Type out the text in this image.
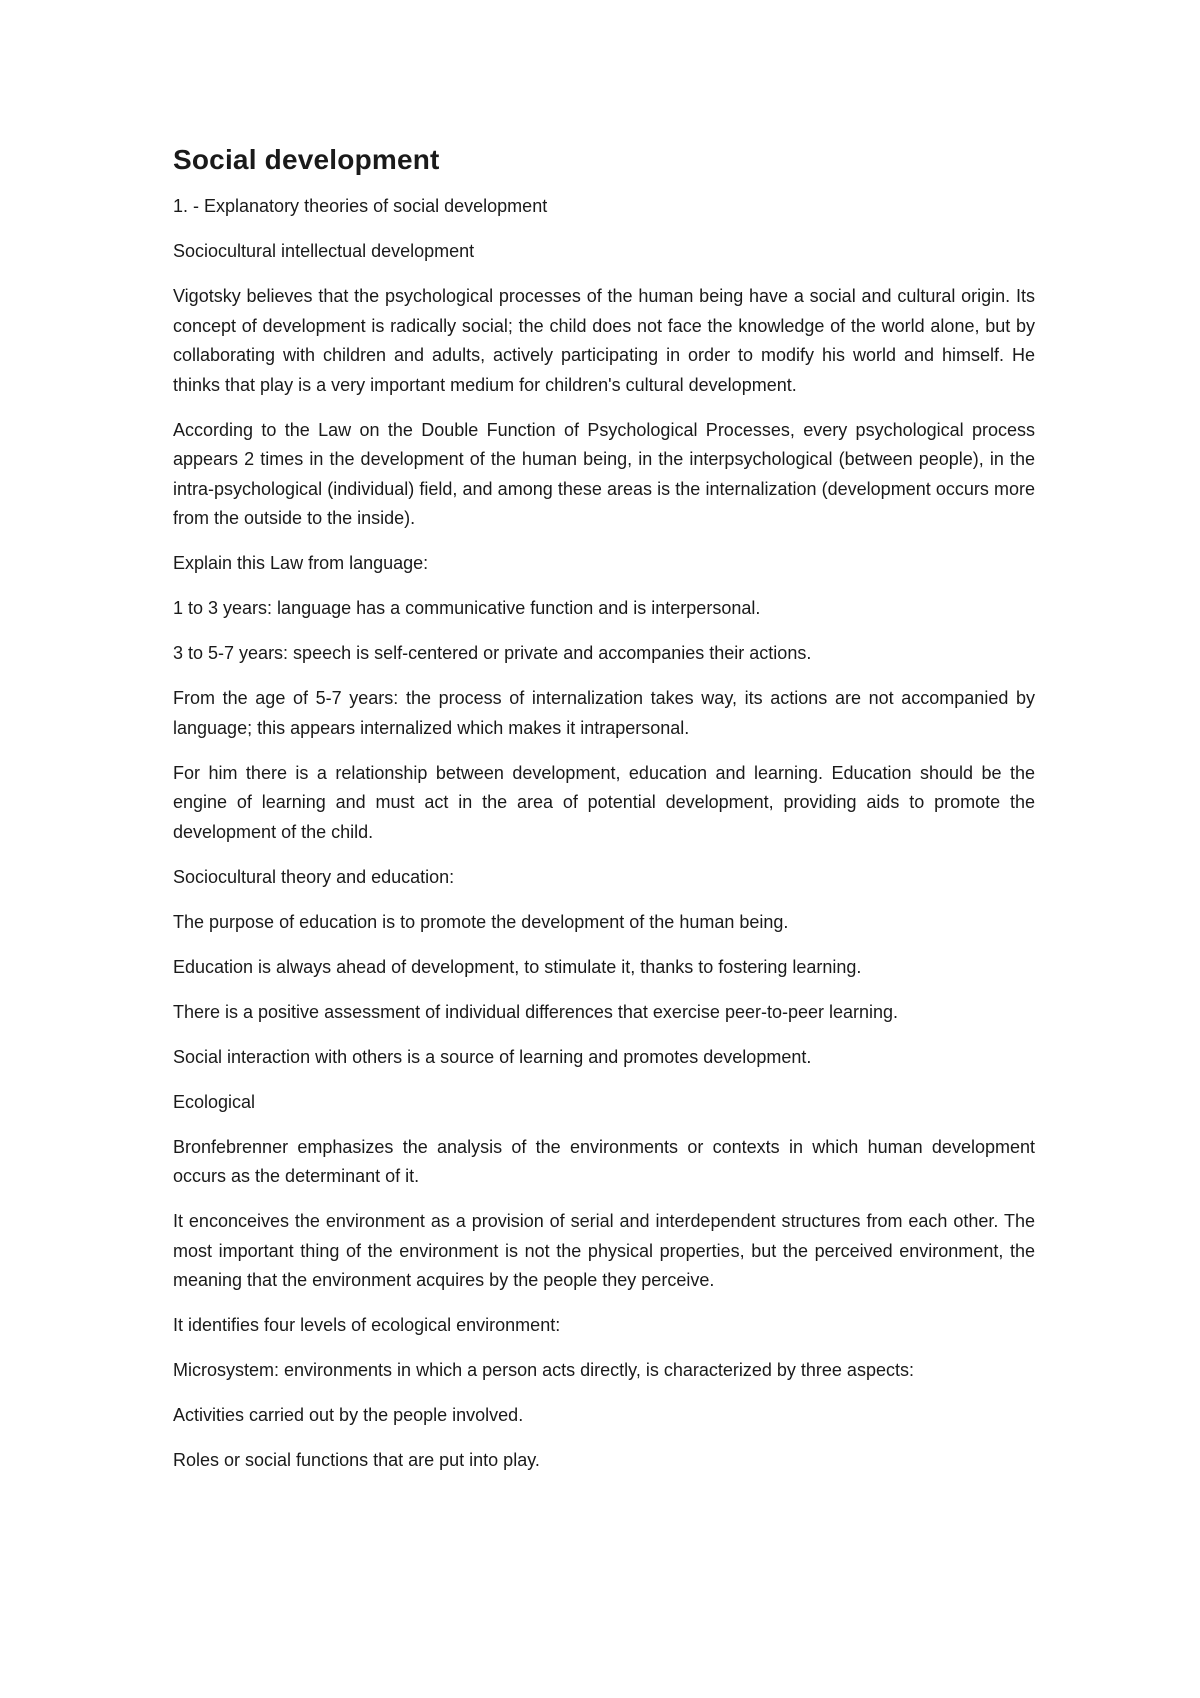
Social development

1. - Explanatory theories of social development

Sociocultural intellectual development

Vigotsky believes that the psychological processes of the human being have a social and cultural origin. Its concept of development is radically social; the child does not face the knowledge of the world alone, but by collaborating with children and adults, actively participating in order to modify his world and himself. He thinks that play is a very important medium for children's cultural development.

According to the Law on the Double Function of Psychological Processes, every psychological process appears 2 times in the development of the human being, in the interpsychological (between people), in the intra-psychological (individual) field, and among these areas is the internalization (development occurs more from the outside to the inside).

Explain this Law from language:

1 to 3 years: language has a communicative function and is interpersonal.

3 to 5-7 years: speech is self-centered or private and accompanies their actions.

From the age of 5-7 years: the process of internalization takes way, its actions are not accompanied by language; this appears internalized which makes it intrapersonal.

For him there is a relationship between development, education and learning. Education should be the engine of learning and must act in the area of potential development, providing aids to promote the development of the child.

Sociocultural theory and education:

The purpose of education is to promote the development of the human being.

Education is always ahead of development, to stimulate it, thanks to fostering learning.

There is a positive assessment of individual differences that exercise peer-to-peer learning.

Social interaction with others is a source of learning and promotes development.

Ecological

Bronfebrenner emphasizes the analysis of the environments or contexts in which human development occurs as the determinant of it.

It enconceives the environment as a provision of serial and interdependent structures from each other. The most important thing of the environment is not the physical properties, but the perceived environment, the meaning that the environment acquires by the people they perceive.

It identifies four levels of ecological environment:

Microsystem: environments in which a person acts directly, is characterized by three aspects:

Activities carried out by the people involved.

Roles or social functions that are put into play.
